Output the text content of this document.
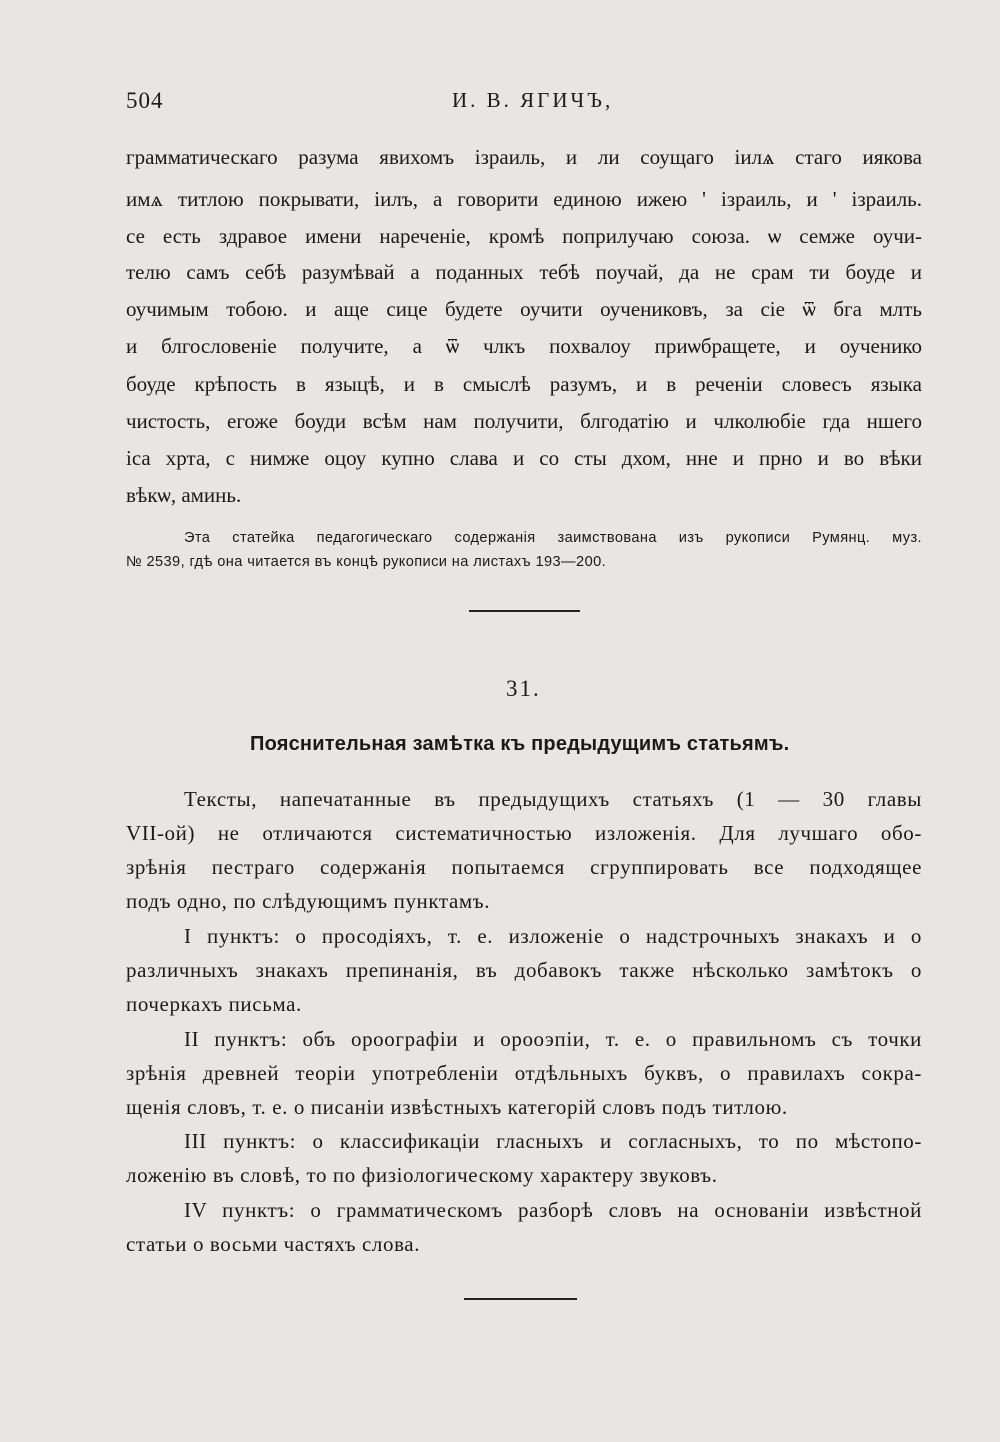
504	И. В. ЯГИЧЪ,
грамматическаго разума явихомъ ізраиль, и ли соущаго іилѧ стаго иякова
имѧ титлою покрывати, іилъ, а говорити единою ижею ' ізраиль, и ' ізраиль.
се есть здравое имени нареченіе, кромѣ поприлучаю союза. ѡ семже оучи-
телю самъ себѣ разумѣвай а поданных тебѣ поучай, да не срам ти боуде и
оучимым тобою. и аще сице будете оучити оучениковъ, за сіе ѿ бга млть
и блгословеніе получите, а ѿ члкъ похвалоу приѡбращете, и оученико
боуде крѣпость в языцѣ, и в смыслѣ разумъ, и в реченіи словесъ языка
чистость, егоже боуди всѣм нам получити, блгодатію и члколюбіе гда ншего
іса хрта, с нимже оцоу купно слава и со сты дхом, нне и прно и во вѣки
вѣкѡ, аминь.
Эта статейка педагогическаго содержанія заимствована изъ рукописи Румянц. муз.
№ 2539, гдѣ она читается въ концѣ рукописи на листахъ 193—200.
31.
Пояснительная замѣтка къ предыдущимъ статьямъ.
Тексты, напечатанные въ предыдущихъ статьяхъ (1 — 30 главы
VII-ой) не отличаются систематичностью изложенія. Для лучшаго обо-
зрѣнія пестраго содержанія попытаемся сгруппировать все подходящее
подъ одно, по слѣдующимъ пунктамъ.
I пунктъ: о просодіяхъ, т. е. изложеніе о надстрочныхъ знакахъ и о
различныхъ знакахъ препинанія, въ добавокъ также нѣсколько замѣтокъ о
почеркахъ письма.
II пунктъ: объ ороографіи и орооэпіи, т. е. о правильномъ съ точки
зрѣнія древней теоріи употребленіи отдѣльныхъ буквъ, о правилахъ сокра-
щенія словъ, т. е. о писаніи извѣстныхъ категорій словъ подъ титлою.
III пунктъ: о классификаціи гласныхъ и согласныхъ, то по мѣстопо-
ложенію въ словѣ, то по физіологическому характеру звуковъ.
IV пунктъ: о грамматическомъ разборѣ словъ на основаніи извѣстной
статьи о восьми частяхъ слова.
